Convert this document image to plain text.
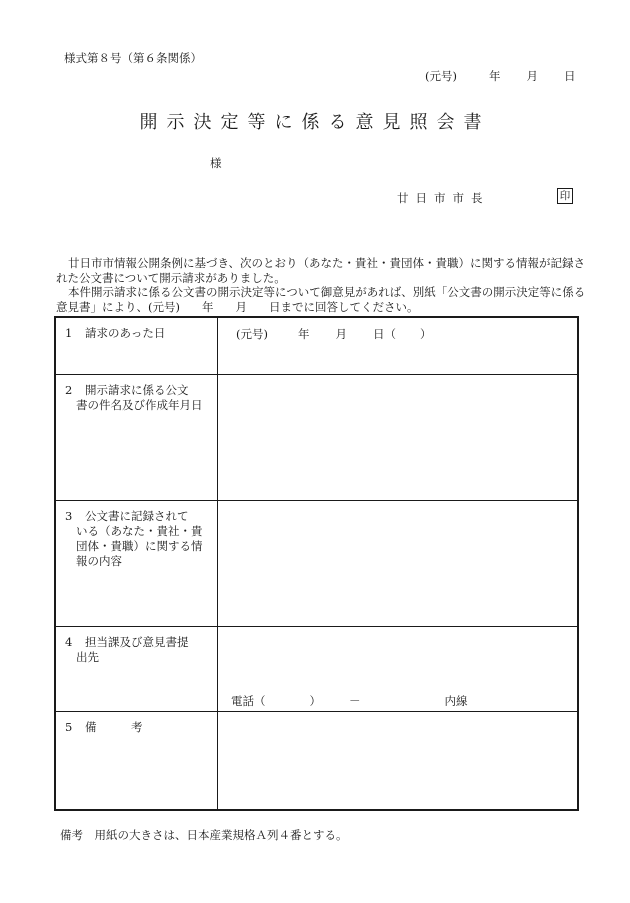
様式第８号（第６条関係）
(元号)	年 月 日
開示決定等に係る意見照会書
様
廿日市市長	印

廿日市市情報公開条例に基づき、次のとおり（あなた・貴社・貴団体・貴職）に関する情報が記録された公文書について開示請求がありました。

本件開示請求に係る公文書の開示決定等について御意見があれば、別紙「公文書の開示決定等に係る意見書」により、(元号) 年 月 日までに回答してください。

1 請求のあった日	(元号) 年 月 日（ ）

2 開示請求に係る公文
書の件名及び作成年月日	

3 公文書に記録されて
いる（あなた・貴社・貴団体・貴職）に関する情報の内容	

4 担当課及び意見書提
出先	電話（ ） － 内線

5 備　　　考	
備考　用紙の大きさは、日本産業規格Ａ列４番とする。
